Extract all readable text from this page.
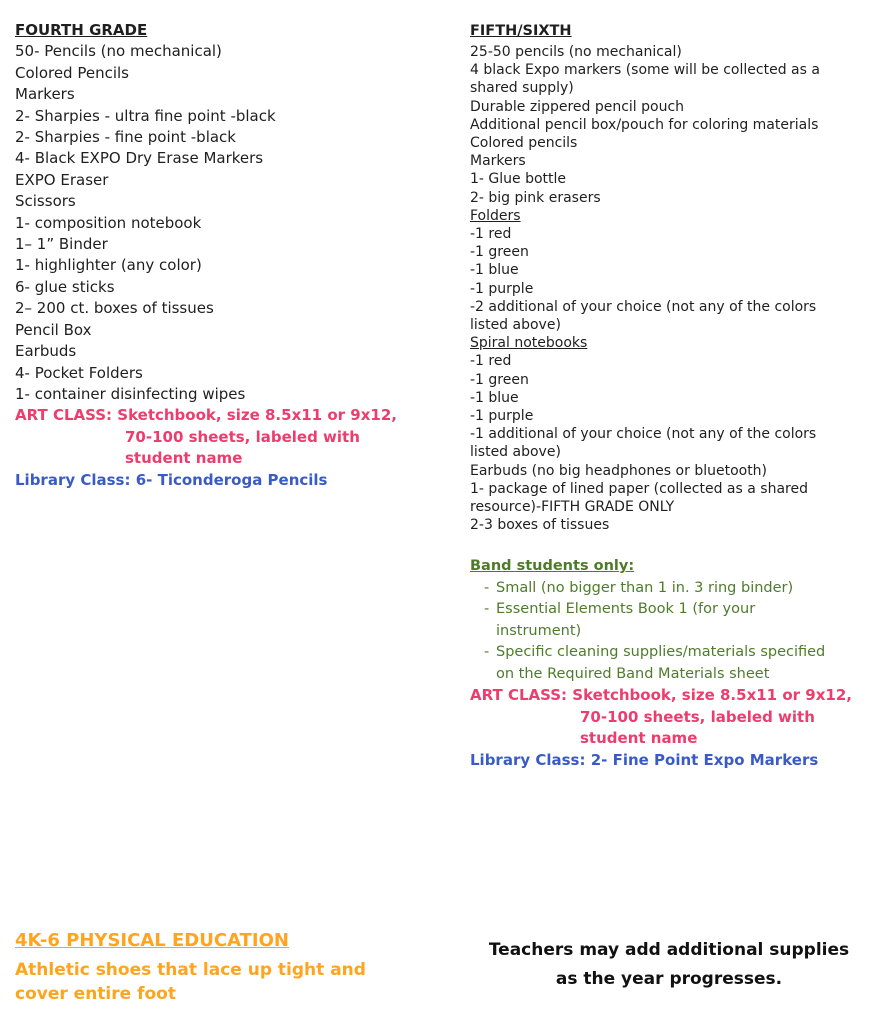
FOURTH GRADE
50- Pencils (no mechanical)
Colored Pencils
Markers
2- Sharpies - ultra fine point -black
2- Sharpies - fine point -black
4- Black EXPO Dry Erase Markers
EXPO Eraser
Scissors
1- composition notebook
1– 1” Binder
1- highlighter (any color)
6- glue sticks
2– 200 ct. boxes of tissues
Pencil Box
Earbuds
4- Pocket Folders
1- container disinfecting wipes
ART CLASS: Sketchbook, size 8.5x11 or 9x12,
70-100 sheets, labeled with
student name
Library Class: 6- Ticonderoga Pencils
FIFTH/SIXTH
25-50 pencils (no mechanical)
4 black Expo markers (some will be collected as a
shared supply)
Durable zippered pencil pouch
Additional pencil box/pouch for coloring materials
Colored pencils
Markers
1- Glue bottle
2- big pink erasers
Folders
-1 red
-1 green
-1 blue
-1 purple
-2 additional of your choice (not any of the colors
listed above)
Spiral notebooks
-1 red
-1 green
-1 blue
-1 purple
-1 additional of your choice (not any of the colors
listed above)
Earbuds (no big headphones or bluetooth)
1- package of lined paper (collected as a shared
resource)-FIFTH GRADE ONLY
2-3 boxes of tissues
Band students only:
- Small (no bigger than 1 in. 3 ring binder)
- Essential Elements Book 1 (for your
instrument)
- Specific cleaning supplies/materials specified
on the Required Band Materials sheet
ART CLASS: Sketchbook, size 8.5x11 or 9x12,
70-100 sheets, labeled with
student name
Library Class: 2- Fine Point Expo Markers
4K-6 PHYSICAL EDUCATION
Athletic shoes that lace up tight and
cover entire foot
Teachers may add additional supplies
as the year progresses.
